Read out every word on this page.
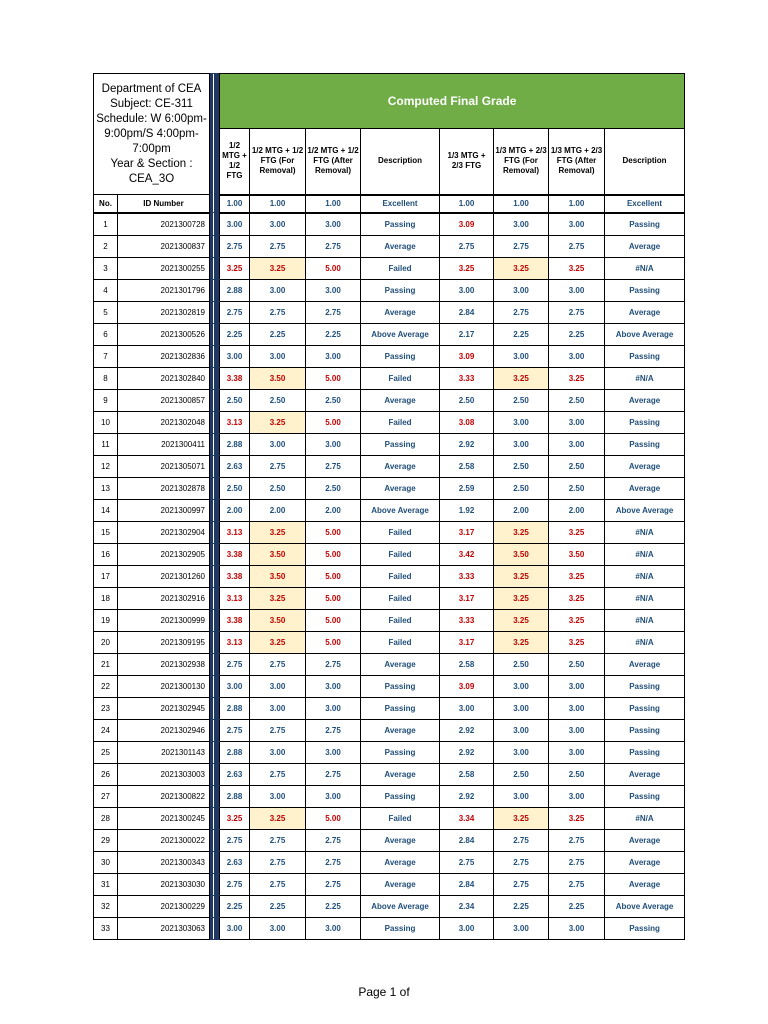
Department of CEA
Subject: CE-311
Schedule: W 6:00pm-9:00pm/S 4:00pm-7:00pm
Year & Section :
CEA_3O			Computed Final Grade							
			1/2 MTG + 1/2 FTG	1/2 MTG + 1/2 FTG (For Removal)	1/2 MTG + 1/2 FTG (After Removal)	Description	1/3 MTG + 2/3 FTG	1/3 MTG + 2/3 FTG (For Removal)	1/3 MTG + 2/3 FTG (After Removal)	Description
No.	ID Number		1.00	1.00	1.00	Excellent	1.00	1.00	1.00	Excellent
1	2021300728		3.00	3.00	3.00	Passing	3.09	3.00	3.00	Passing
2	2021300837		2.75	2.75	2.75	Average	2.75	2.75	2.75	Average
3	2021300255		3.25	3.25	5.00	Failed	3.25	3.25	3.25	#N/A
4	2021301796		2.88	3.00	3.00	Passing	3.00	3.00	3.00	Passing
5	2021302819		2.75	2.75	2.75	Average	2.84	2.75	2.75	Average
6	2021300526		2.25	2.25	2.25	Above Average	2.17	2.25	2.25	Above Average
7	2021302836		3.00	3.00	3.00	Passing	3.09	3.00	3.00	Passing
8	2021302840		3.38	3.50	5.00	Failed	3.33	3.25	3.25	#N/A
9	2021300857		2.50	2.50	2.50	Average	2.50	2.50	2.50	Average
10	2021302048		3.13	3.25	5.00	Failed	3.08	3.00	3.00	Passing
11	2021300411		2.88	3.00	3.00	Passing	2.92	3.00	3.00	Passing
12	2021305071		2.63	2.75	2.75	Average	2.58	2.50	2.50	Average
13	2021302878		2.50	2.50	2.50	Average	2.59	2.50	2.50	Average
14	2021300997		2.00	2.00	2.00	Above Average	1.92	2.00	2.00	Above Average
15	2021302904		3.13	3.25	5.00	Failed	3.17	3.25	3.25	#N/A
16	2021302905		3.38	3.50	5.00	Failed	3.42	3.50	3.50	#N/A
17	2021301260		3.38	3.50	5.00	Failed	3.33	3.25	3.25	#N/A
18	2021302916		3.13	3.25	5.00	Failed	3.17	3.25	3.25	#N/A
19	2021300999		3.38	3.50	5.00	Failed	3.33	3.25	3.25	#N/A
20	2021309195		3.13	3.25	5.00	Failed	3.17	3.25	3.25	#N/A
21	2021302938		2.75	2.75	2.75	Average	2.58	2.50	2.50	Average
22	2021300130		3.00	3.00	3.00	Passing	3.09	3.00	3.00	Passing
23	2021302945		2.88	3.00	3.00	Passing	3.00	3.00	3.00	Passing
24	2021302946		2.75	2.75	2.75	Average	2.92	3.00	3.00	Passing
25	2021301143		2.88	3.00	3.00	Passing	2.92	3.00	3.00	Passing
26	2021303003		2.63	2.75	2.75	Average	2.58	2.50	2.50	Average
27	2021300822		2.88	3.00	3.00	Passing	2.92	3.00	3.00	Passing
28	2021300245		3.25	3.25	5.00	Failed	3.34	3.25	3.25	#N/A
29	2021300022		2.75	2.75	2.75	Average	2.84	2.75	2.75	Average
30	2021300343		2.63	2.75	2.75	Average	2.75	2.75	2.75	Average
31	2021303030		2.75	2.75	2.75	Average	2.84	2.75	2.75	Average
32	2021300229		2.25	2.25	2.25	Above Average	2.34	2.25	2.25	Above Average
33	2021303063		3.00	3.00	3.00	Passing	3.00	3.00	3.00	Passing
Page 1 of
